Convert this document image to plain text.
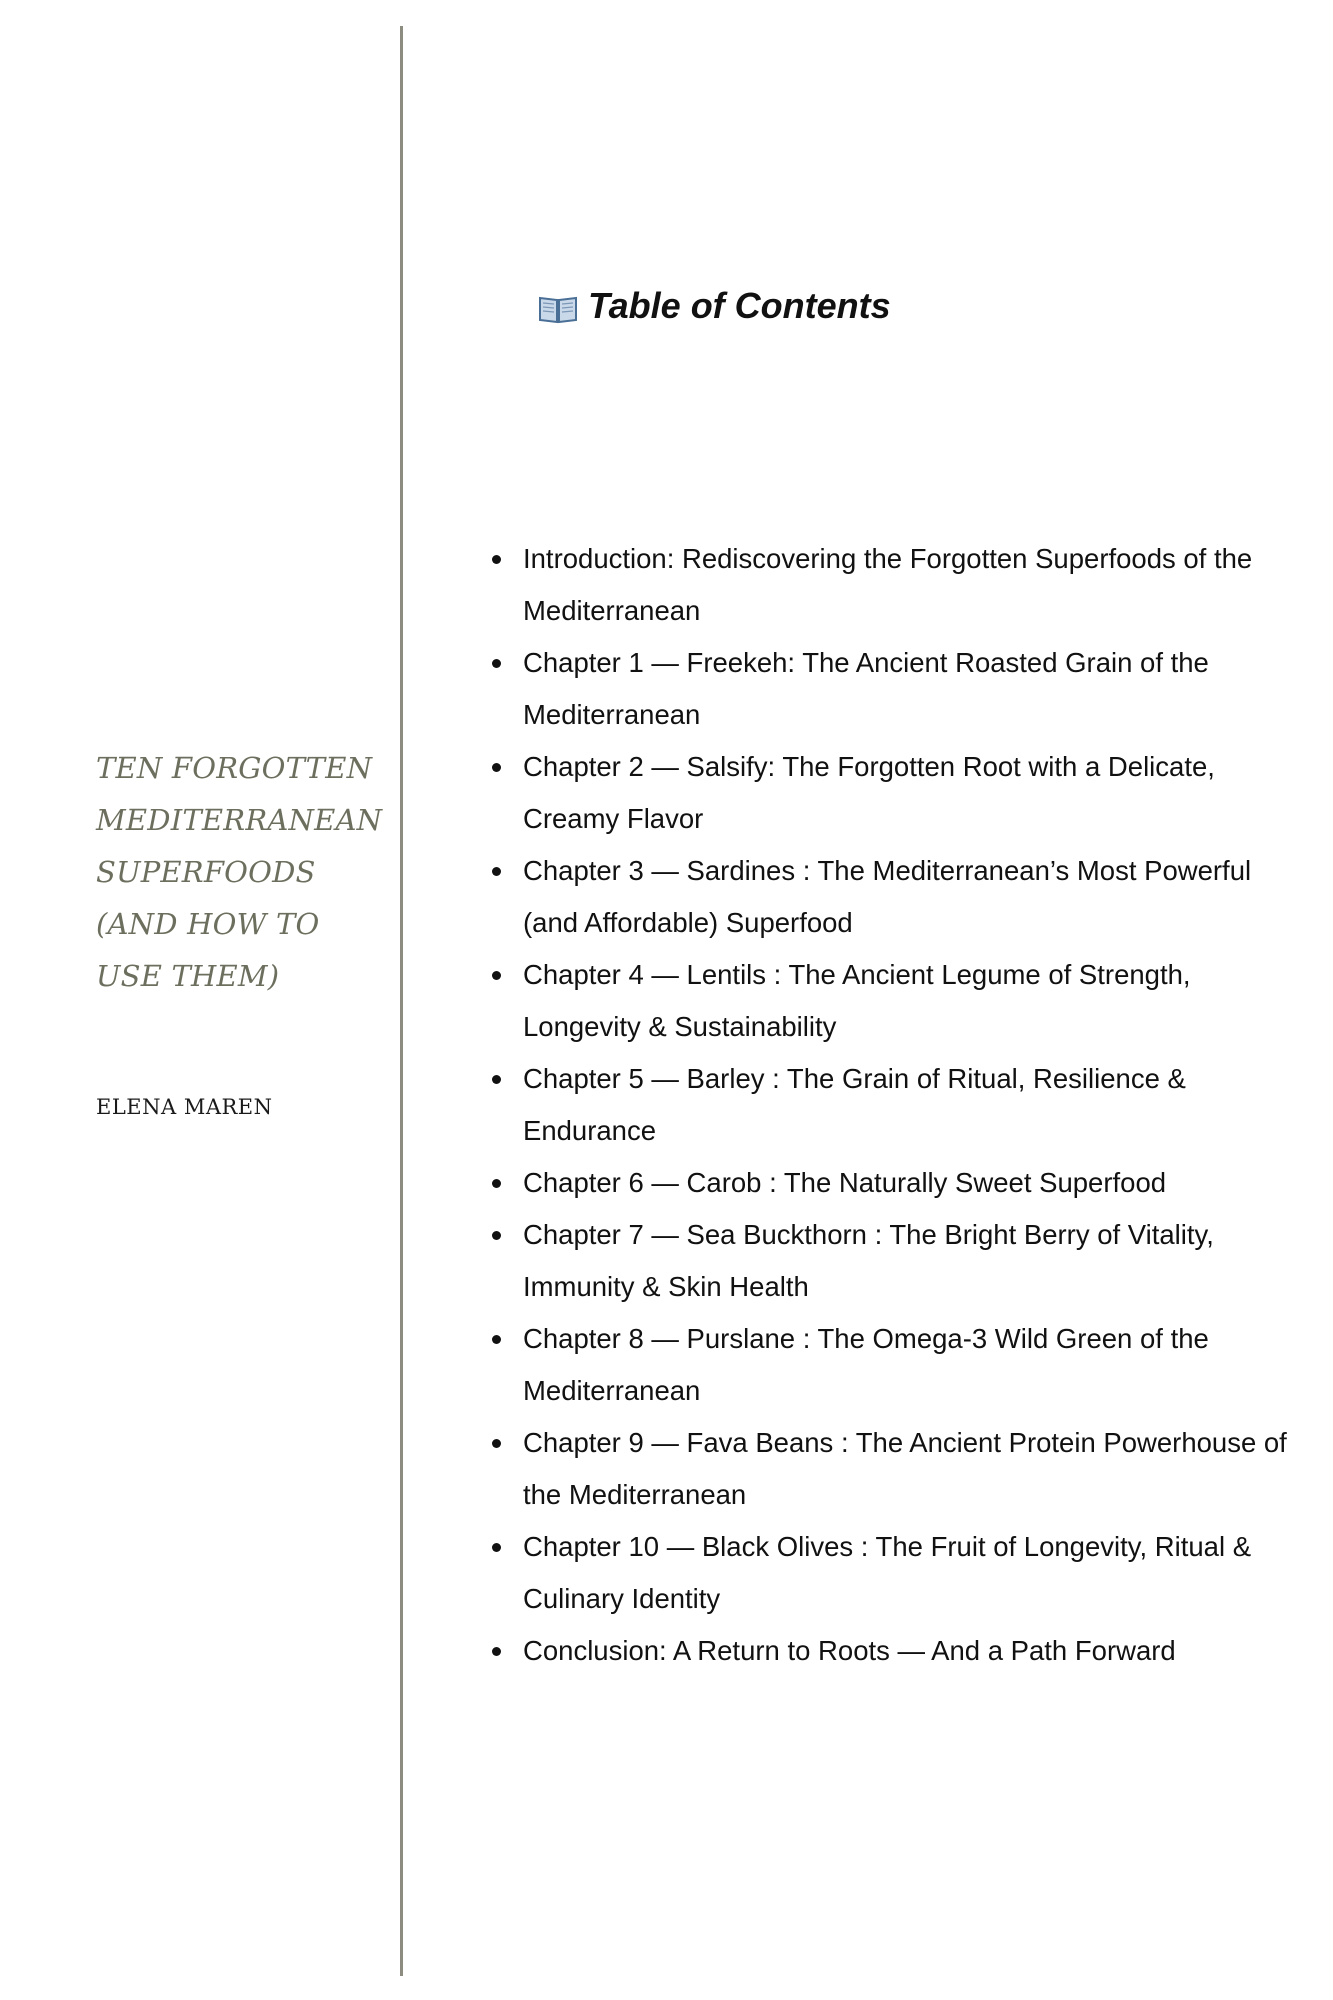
TEN FORGOTTEN
MEDITERRANEAN
SUPERFOODS
(AND HOW TO
USE THEM)

ELENA MAREN

Table of Contents
Introduction: Rediscovering the Forgotten Superfoods of the Mediterranean
Chapter 1 — Freekeh: The Ancient Roasted Grain of the Mediterranean
Chapter 2 — Salsify: The Forgotten Root with a Delicate, Creamy Flavor
Chapter 3 — Sardines : The Mediterranean’s Most Powerful (and Affordable) Superfood
Chapter 4 — Lentils : The Ancient Legume of Strength, Longevity & Sustainability
Chapter 5 — Barley : The Grain of Ritual, Resilience & Endurance
Chapter 6 — Carob : The Naturally Sweet Superfood
Chapter 7 — Sea Buckthorn : The Bright Berry of Vitality, Immunity & Skin Health
Chapter 8 — Purslane : The Omega-3 Wild Green of the Mediterranean
Chapter 9 — Fava Beans : The Ancient Protein Powerhouse of the Mediterranean
Chapter 10 — Black Olives : The Fruit of Longevity, Ritual & Culinary Identity
Conclusion: A Return to Roots — And a Path Forward
